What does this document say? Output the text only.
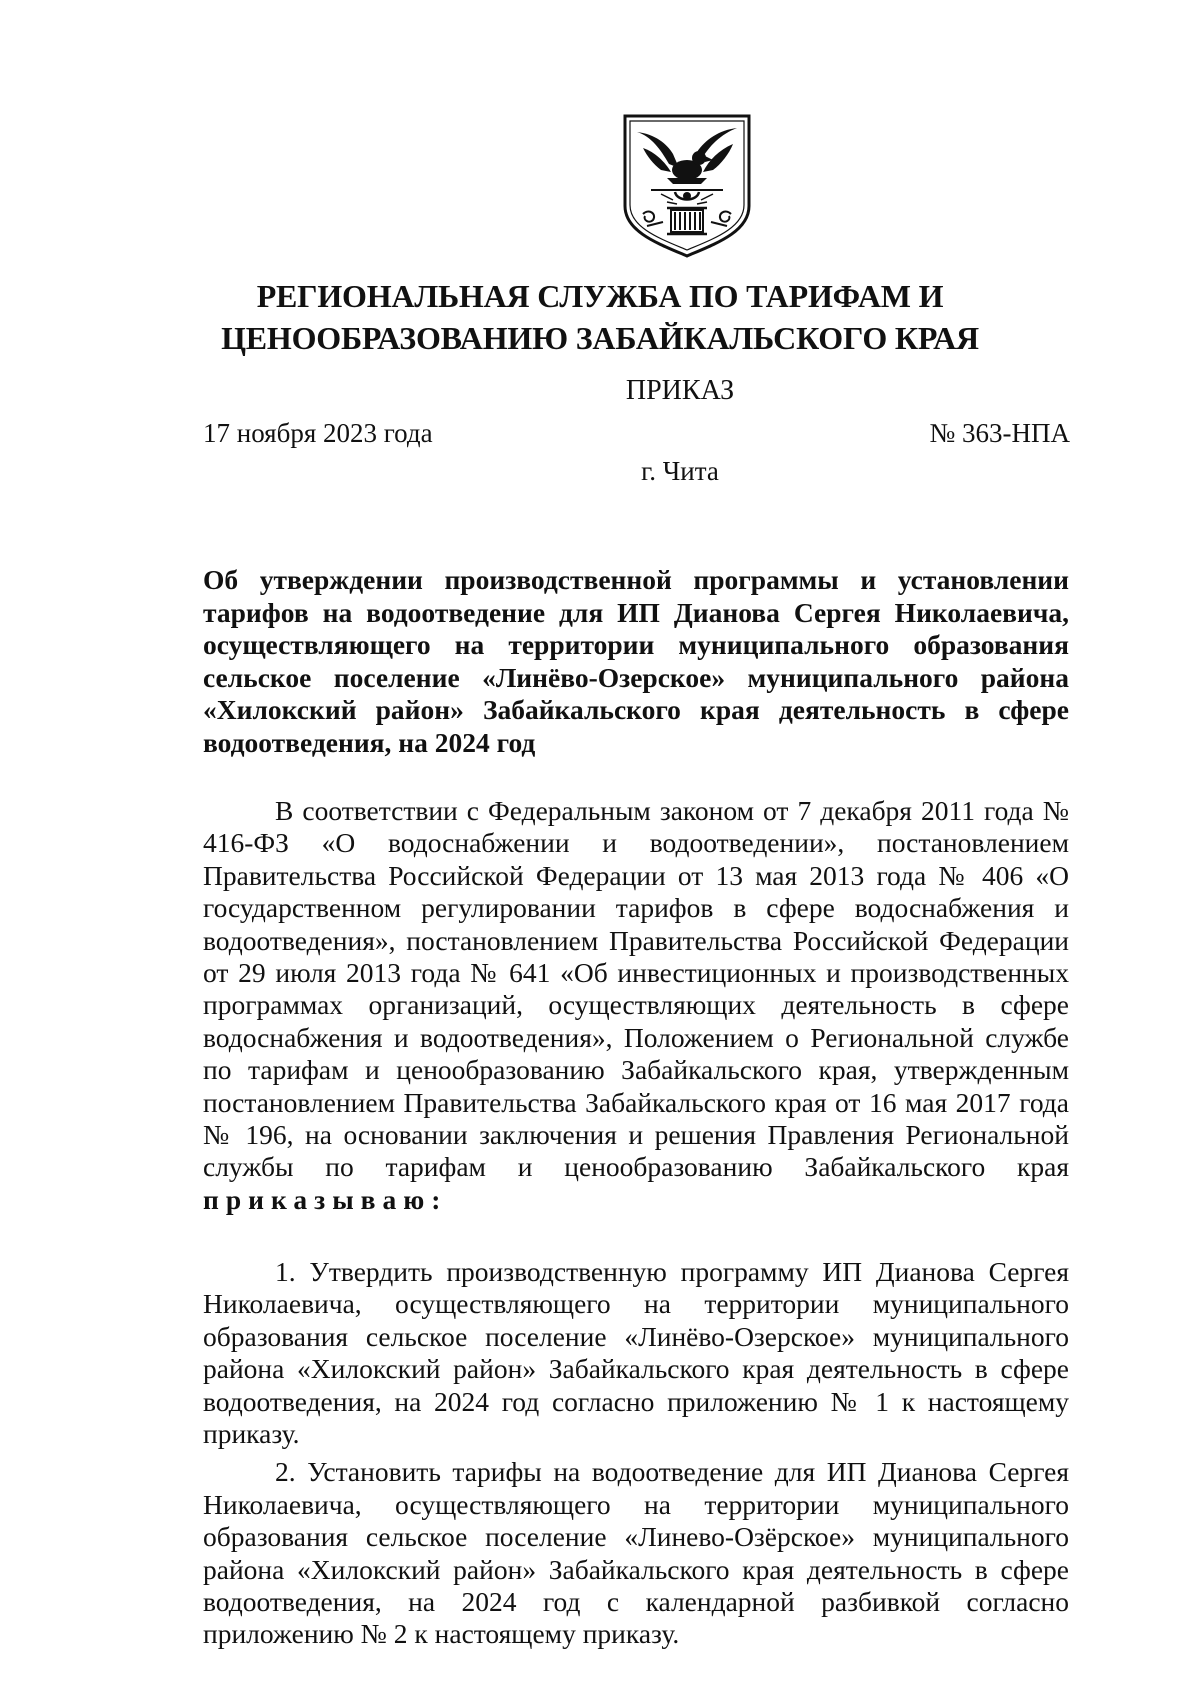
РЕГИОНАЛЬНАЯ СЛУЖБА ПО ТАРИФАМ И
ЦЕНООБРАЗОВАНИЮ ЗАБАЙКАЛЬСКОГО КРАЯ
ПРИКАЗ
17 ноября 2023 года	№ 363-НПА
г. Чита

Об утверждении производственной программы и установлении тарифов на водоотведение для ИП Дианова Сергея Николаевича, осуществляющего на территории муниципального образования сельское поселение «Линёво-Озерское» муниципального района «Хилокский район» Забайкальского края деятельность в сфере водоотведения, на 2024 год

В соответствии с Федеральным законом от 7 декабря 2011 года № 416-ФЗ «О водоснабжении и водоотведении», постановлением Правительства Российской Федерации от 13 мая 2013 года № 406 «О государственном регулировании тарифов в сфере водоснабжения и водоотведения», постановлением Правительства Российской Федерации от 29 июля 2013 года № 641 «Об инвестиционных и производственных программах организаций, осуществляющих деятельность в сфере водоснабжения и водоотведения», Положением о Региональной службе по тарифам и ценообразованию Забайкальского края, утвержденным постановлением Правительства Забайкальского края от 16 мая 2017 года № 196, на основании заключения и решения Правления Региональной службы по тарифам и ценообразованию Забайкальского края приказываю:

1. Утвердить производственную программу ИП Дианова Сергея Николаевича, осуществляющего на территории муниципального образования сельское поселение «Линёво-Озерское» муниципального района «Хилокский район» Забайкальского края деятельность в сфере водоотведения, на 2024 год согласно приложению № 1 к настоящему приказу.
2. Установить тарифы на водоотведение для ИП Дианова Сергея Николаевича, осуществляющего на территории муниципального образования сельское поселение «Линево-Озёрское» муниципального района «Хилокский район» Забайкальского края деятельность в сфере водоотведения, на 2024 год с календарной разбивкой согласно приложению № 2 к настоящему приказу.
